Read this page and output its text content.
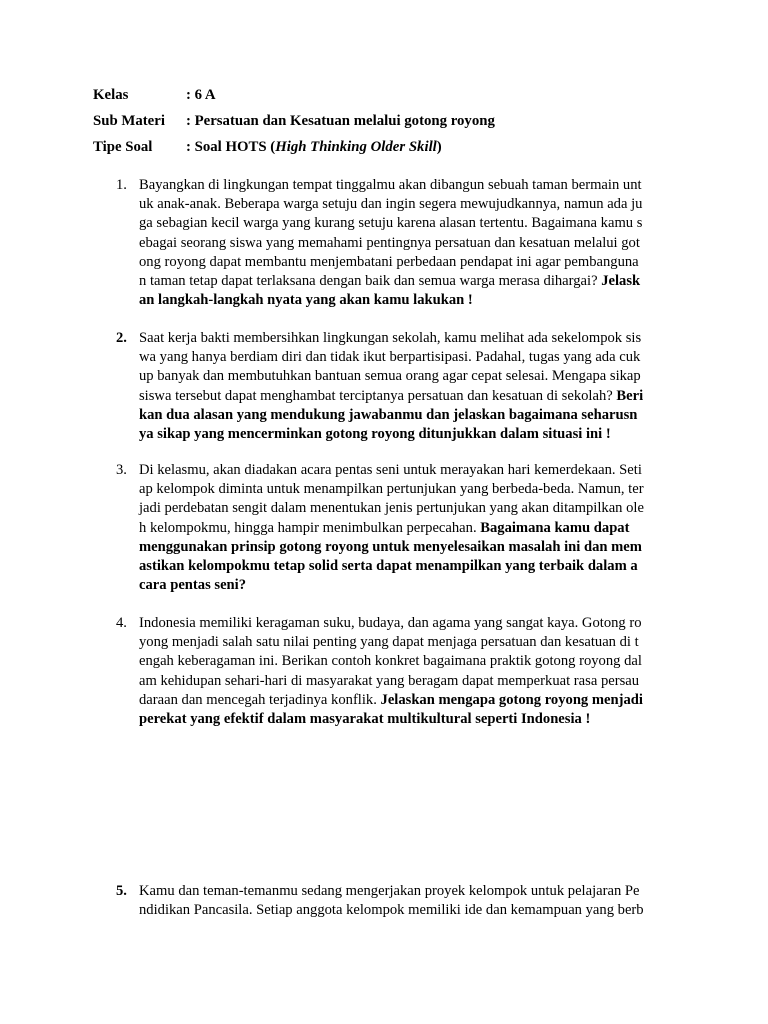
Kelas	: 6 A
Sub Materi : Persatuan dan Kesatuan melalui gotong royong
Tipe Soal : Soal HOTS (High Thinking Older Skill)
1. Bayangkan di lingkungan tempat tinggalmu akan dibangun sebuah taman bermain unt
uk anak-anak. Beberapa warga setuju dan ingin segera mewujudkannya, namun ada ju
ga sebagian kecil warga yang kurang setuju karena alasan tertentu. Bagaimana kamu s
ebagai seorang siswa yang memahami pentingnya persatuan dan kesatuan melalui got
ong royong dapat membantu menjembatani perbedaan pendapat ini agar pembanguna
n taman tetap dapat terlaksana dengan baik dan semua warga merasa dihargai? Jelask
an langkah-langkah nyata yang akan kamu lakukan !
2. Saat kerja bakti membersihkan lingkungan sekolah, kamu melihat ada sekelompok sis
wa yang hanya berdiam diri dan tidak ikut berpartisipasi. Padahal, tugas yang ada cuk
up banyak dan membutuhkan bantuan semua orang agar cepat selesai. Mengapa sikap
siswa tersebut dapat menghambat terciptanya persatuan dan kesatuan di sekolah? Beri
kan dua alasan yang mendukung jawabanmu dan jelaskan bagaimana seharusn
ya sikap yang mencerminkan gotong royong ditunjukkan dalam situasi ini !
3. Di kelasmu, akan diadakan acara pentas seni untuk merayakan hari kemerdekaan. Seti
ap kelompok diminta untuk menampilkan pertunjukan yang berbeda-beda. Namun, ter
jadi perdebatan sengit dalam menentukan jenis pertunjukan yang akan ditampilkan ole
h kelompokmu, hingga hampir menimbulkan perpecahan. Bagaimana kamu dapat
menggunakan prinsip gotong royong untuk menyelesaikan masalah ini dan mem
astikan kelompokmu tetap solid serta dapat menampilkan yang terbaik dalam a
cara pentas seni?
4. Indonesia memiliki keragaman suku, budaya, dan agama yang sangat kaya. Gotong ro
yong menjadi salah satu nilai penting yang dapat menjaga persatuan dan kesatuan di t
engah keberagaman ini. Berikan contoh konkret bagaimana praktik gotong royong dal
am kehidupan sehari-hari di masyarakat yang beragam dapat memperkuat rasa persau
daraan dan mencegah terjadinya konflik. Jelaskan mengapa gotong royong menjadi
perekat yang efektif dalam masyarakat multikultural seperti Indonesia !
5. Kamu dan teman-temanmu sedang mengerjakan proyek kelompok untuk pelajaran Pe
ndidikan Pancasila. Setiap anggota kelompok memiliki ide dan kemampuan yang berb
